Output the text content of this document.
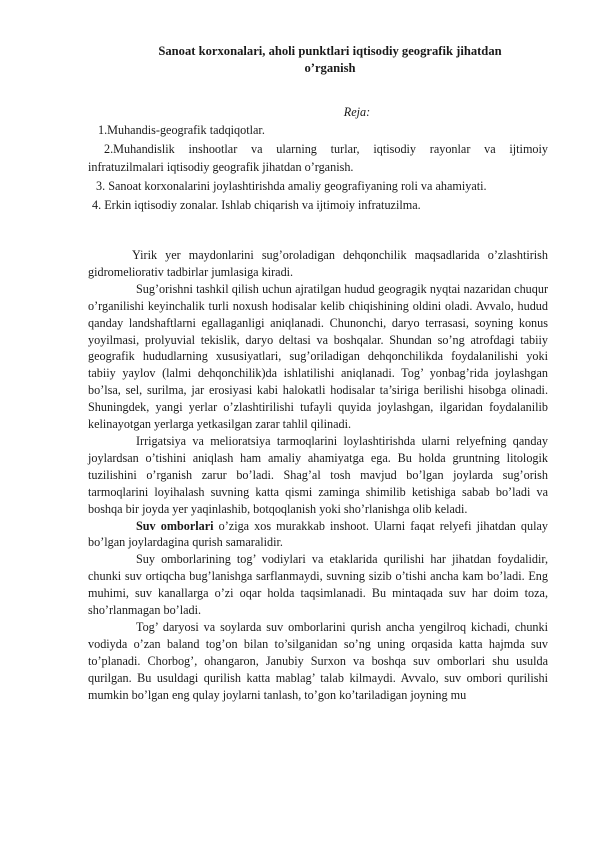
Sanoat korxonalari, aholi punktlari iqtisodiy geografik jihatdan
o’rganish
Reja:
1.Muhandis-geografik tadqiqotlar.
2.Muhandislik inshootlar va ularning turlar, iqtisodiy rayonlar va ijtimoiy
infratuzilmalari iqtisodiy geografik jihatdan o’rganish.
3. Sanoat korxonalarini joylashtirishda amaliy geografiyaning roli va ahamiyati.
4. Erkin iqtisodiy zonalar. Ishlab chiqarish va ijtimoiy infratuzilma.

Yirik yer maydonlarini sug’oroladigan dehqonchilik maqsadlarida o’zlashtirish gidromeliorativ tadbirlar jumlasiga kiradi.

Sug’orishni tashkil qilish uchun ajratilgan hudud geogragik nyqtai nazaridan chuqur o’rganilishi keyinchalik turli noxush hodisalar kelib chiqishining oldini oladi. Avvalo, hudud qanday landshaftlarni egallaganligi aniqlanadi. Chunonchi, daryo terrasasi, soyning konus yoyilmasi, prolyuvial tekislik, daryo deltasi va boshqalar. Shundan so’ng atrofdagi tabiiy geografik hududlarning xususiyatlari, sug’oriladigan dehqonchilikda foydalanilishi yoki tabiiy yaylov (lalmi dehqonchilik)da ishlatilishi aniqlanadi. Tog’ yonbag’rida joylashgan bo’lsa, sel, surilma, jar erosiyasi kabi halokatli hodisalar ta’siriga berilishi hisobga olinadi. Shuningdek, yangi yerlar o’zlashtirilishi tufayli quyida joylashgan, ilgaridan foydalanilib kelinayotgan yerlarga yetkasilgan zarar tahlil qilinadi.

Irrigatsiya va melioratsiya tarmoqlarini loylashtirishda ularni relyefning qanday joylardsan o’tishini aniqlash ham amaliy ahamiyatga ega. Bu holda gruntning litologik tuzilishini o’rganish zarur bo’ladi. Shag’al tosh mavjud bo’lgan joylarda sug’orish tarmoqlarini loyihalash suvning katta qismi zaminga shimilib ketishiga sabab bo’ladi va boshqa bir joyda yer yaqinlashib, botqoqlanish yoki sho’rlanishga olib keladi.

Suv omborlari o’ziga xos murakkab inshoot. Ularni faqat relyefi jihatdan qulay bo’lgan joylardagina qurish samaralidir.

Suy omborlarining tog’ vodiylari va etaklarida qurilishi har jihatdan foydalidir, chunki suv ortiqcha bug’lanishga sarflanmaydi, suvning sizib o’tishi ancha kam bo’ladi. Eng muhimi, suv kanallarga o’zi oqar holda taqsimlanadi. Bu mintaqada suv har doim toza, sho’rlanmagan bo’ladi.

Tog’ daryosi va soylarda suv omborlarini qurish ancha yengilroq kichadi, chunki vodiyda o’zan baland tog’on bilan to’silganidan so’ng uning orqasida katta hajmda suv to’planadi. Chorbog’, ohangaron, Janubiy Surxon va boshqa suv omborlari shu usulda qurilgan. Bu usuldagi qurilish katta mablag’ talab kilmaydi. Avvalo, suv ombori qurilishi mumkin bo’lgan eng qulay joylarni tanlash, to’gon ko’tariladigan joyning mu
